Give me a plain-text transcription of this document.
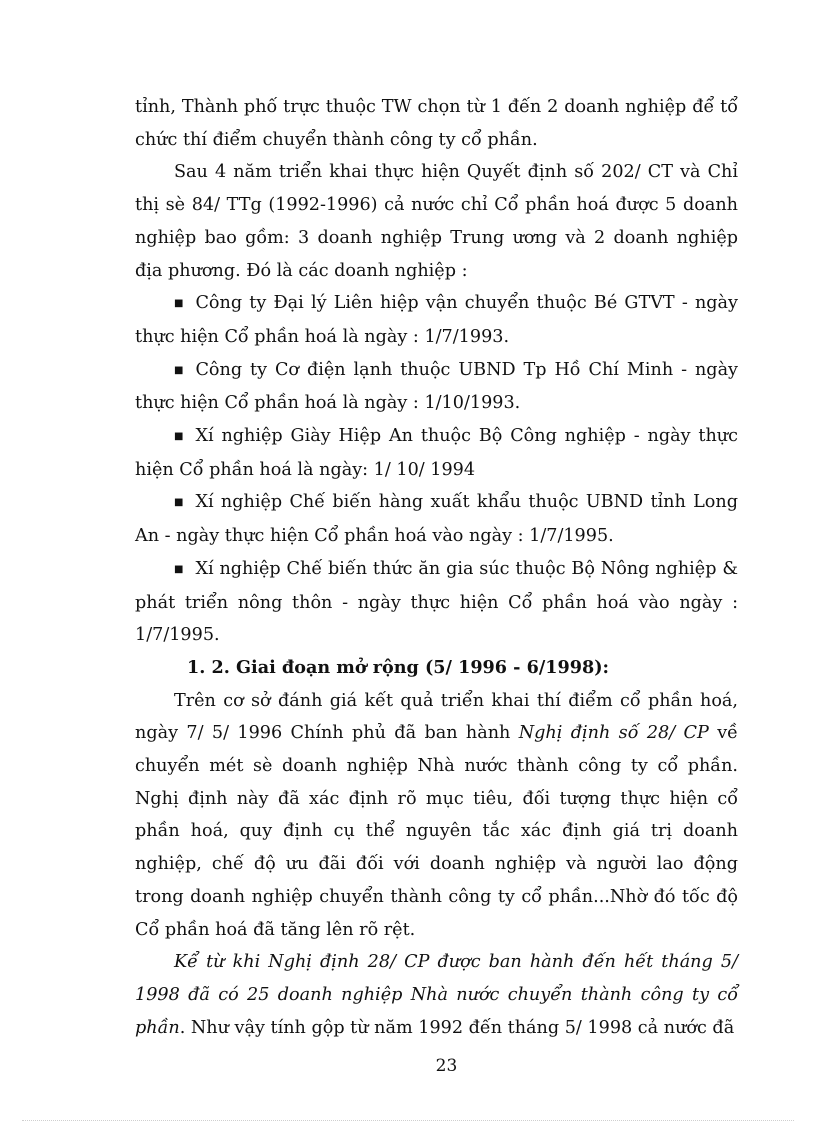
tỉnh, Thành phố trực thuộc TW chọn từ 1 đến 2 doanh nghiệp để tổ chức thí điểm chuyển thành công ty cổ phần.

Sau 4 năm triển khai thực hiện Quyết định số 202/ CT và Chỉ thị sè 84/ TTg (1992-1996) cả nước chỉ Cổ phần hoá được 5 doanh nghiệp bao gồm: 3 doanh nghiệp Trung ương và 2 doanh nghiệp địa phương. Đó là các doanh nghiệp :

■ Công ty Đại lý Liên hiệp vận chuyển thuộc Bé GTVT - ngày thực hiện Cổ phần hoá là ngày : 1/7/1993.

■ Công ty Cơ điện lạnh thuộc UBND Tp Hồ Chí Minh - ngày thực hiện Cổ phần hoá là ngày : 1/10/1993.

■ Xí nghiệp Giày Hiệp An thuộc Bộ Công nghiệp - ngày thực hiện Cổ phần hoá là ngày: 1/ 10/ 1994

■ Xí nghiệp Chế biến hàng xuất khẩu thuộc UBND tỉnh Long An - ngày thực hiện Cổ phần hoá vào ngày : 1/7/1995.

■ Xí nghiệp Chế biến thức ăn gia súc thuộc Bộ Nông nghiệp & phát triển nông thôn - ngày thực hiện Cổ phần hoá vào ngày : 1/7/1995.

1. 2. Giai đoạn mở rộng (5/ 1996 - 6/1998):

Trên cơ sở đánh giá kết quả triển khai thí điểm cổ phần hoá, ngày 7/ 5/ 1996 Chính phủ đã ban hành Nghị định số 28/ CP về chuyển mét sè doanh nghiệp Nhà nước thành công ty cổ phần. Nghị định này đã xác định rõ mục tiêu, đối tượng thực hiện cổ phần hoá, quy định cụ thể nguyên tắc xác định giá trị doanh nghiệp, chế độ ưu đãi đối với doanh nghiệp và người lao động trong doanh nghiệp chuyển thành công ty cổ phần...Nhờ đó tốc độ Cổ phần hoá đã tăng lên rõ rệt.

Kể từ khi Nghị định 28/ CP được ban hành đến hết tháng 5/ 1998 đã có 25 doanh nghiệp Nhà nước chuyển thành công ty cổ phần. Như vậy tính gộp từ năm 1992 đến tháng 5/ 1998 cả nước đã

23
